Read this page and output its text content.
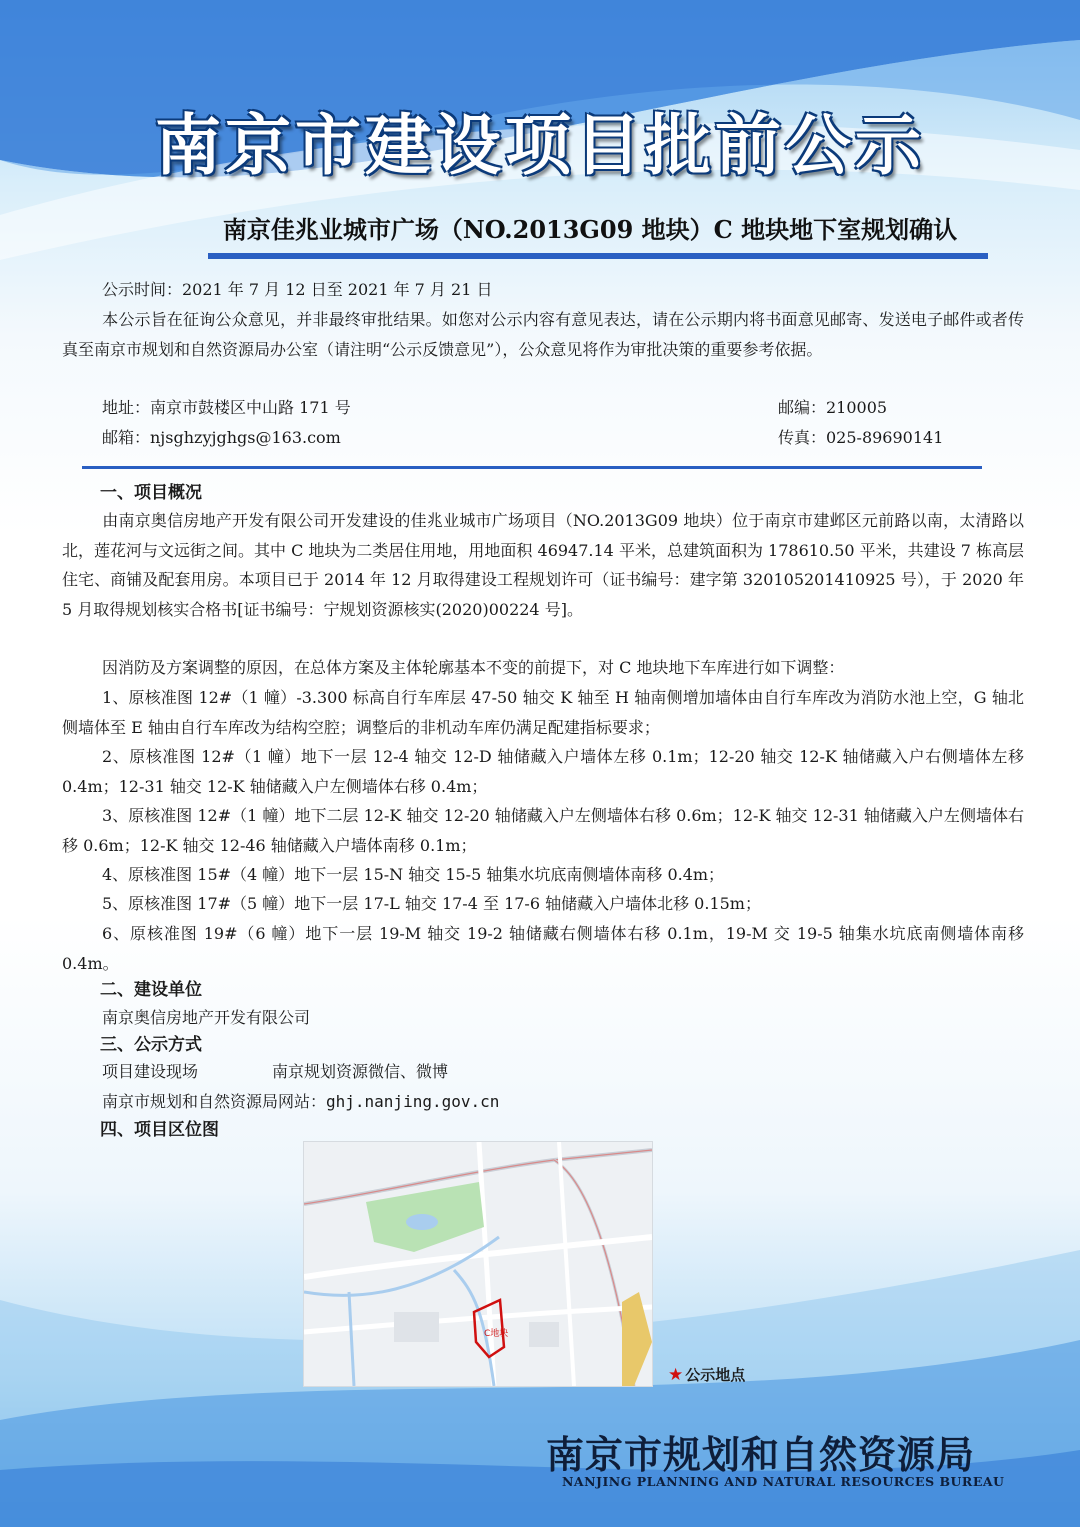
南京市建设项目批前公示
南京佳兆业城市广场（NO.2013G09 地块）C 地块地下室规划确认
公示时间：2021 年 7 月 12 日至 2021 年 7 月 21 日
本公示旨在征询公众意见，并非最终审批结果。如您对公示内容有意见表达，请在公示期内将书面意见邮寄、发送电子邮件或者传真至南京市规划和自然资源局办公室（请注明“公示反馈意见”），公众意见将作为审批决策的重要参考依据。
地址：南京市鼓楼区中山路 171 号	邮编：210005
邮箱：njsghzyjghgs@163.com	传真：025-89690141
一、项目概况
由南京奥信房地产开发有限公司开发建设的佳兆业城市广场项目（NO.2013G09 地块）位于南京市建邺区元前路以南，太清路以北，莲花河与文远街之间。其中 C 地块为二类居住用地，用地面积 46947.14 平米，总建筑面积为 178610.50 平米，共建设 7 栋高层住宅、商铺及配套用房。本项目已于 2014 年 12 月取得建设工程规划许可（证书编号：建字第 320105201410925 号），于 2020 年 5 月取得规划核实合格书[证书编号：宁规划资源核实(2020)00224 号]。
因消防及方案调整的原因，在总体方案及主体轮廓基本不变的前提下，对 C 地块地下车库进行如下调整：
1、原核准图 12#（1 幢）-3.300 标高自行车库层 47-50 轴交 K 轴至 H 轴南侧增加墙体由自行车库改为消防水池上空，G 轴北侧墙体至 E 轴由自行车库改为结构空腔；调整后的非机动车库仍满足配建指标要求；
2、原核准图 12#（1 幢）地下一层 12-4 轴交 12-D 轴储藏入户墙体左移 0.1m；12-20 轴交 12-K 轴储藏入户右侧墙体左移 0.4m；12-31 轴交 12-K 轴储藏入户左侧墙体右移 0.4m；
3、原核准图 12#（1 幢）地下二层 12-K 轴交 12-20 轴储藏入户左侧墙体右移 0.6m；12-K 轴交 12-31 轴储藏入户左侧墙体右移 0.6m；12-K 轴交 12-46 轴储藏入户墙体南移 0.1m；
4、原核准图 15#（4 幢）地下一层 15-N 轴交 15-5 轴集水坑底南侧墙体南移 0.4m；
5、原核准图 17#（5 幢）地下一层 17-L 轴交 17-4 至 17-6 轴储藏入户墙体北移 0.15m；
6、原核准图 19#（6 幢）地下一层 19-M 轴交 19-2 轴储藏右侧墙体右移 0.1m，19-M 交 19-5 轴集水坑底南侧墙体南移 0.4m。
二、建设单位
南京奥信房地产开发有限公司
三、公示方式
项目建设现场	南京规划资源微信、微博
南京市规划和自然资源局网站：ghj.nanjing.gov.cn
四、项目区位图
C地块
★ 公示地点
南京市规划和自然资源局
NANJING PLANNING AND NATURAL RESOURCES BUREAU
